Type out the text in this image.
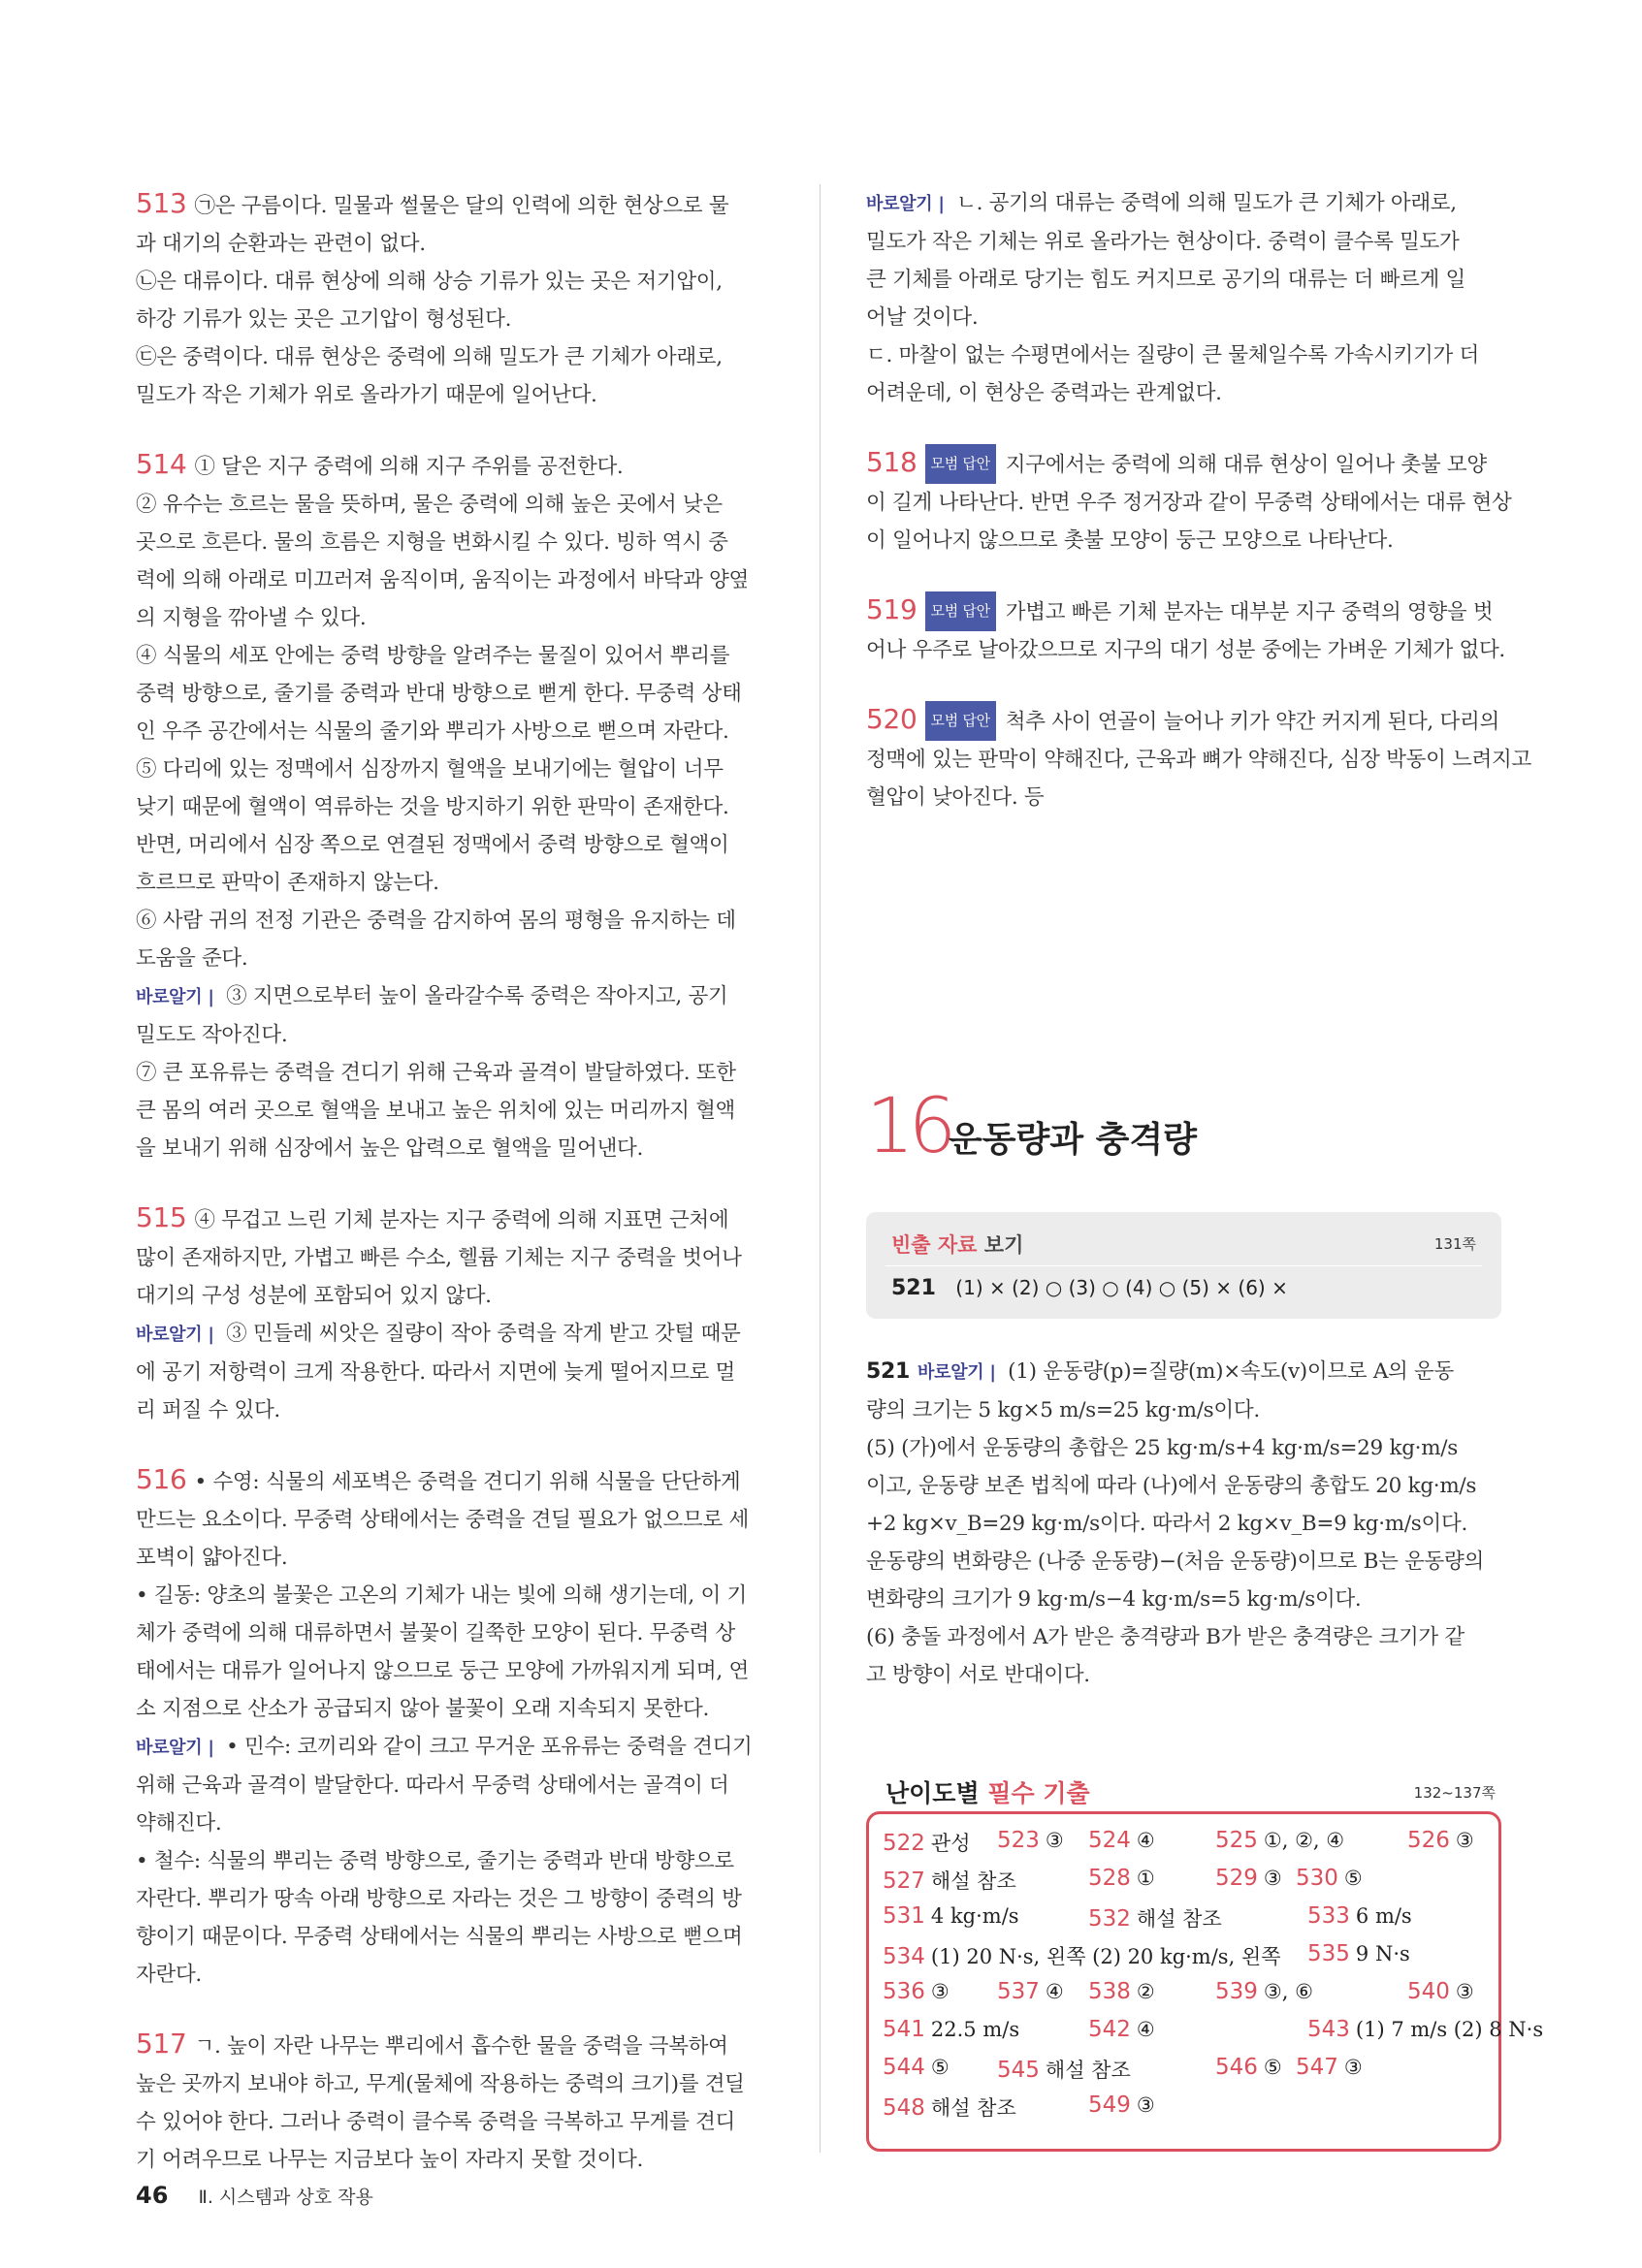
513 ㉠은 구름이다. 밀물과 썰물은 달의 인력에 의한 현상으로 물
과 대기의 순환과는 관련이 없다.
㉡은 대류이다. 대류 현상에 의해 상승 기류가 있는 곳은 저기압이,
하강 기류가 있는 곳은 고기압이 형성된다.
㉢은 중력이다. 대류 현상은 중력에 의해 밀도가 큰 기체가 아래로,
밀도가 작은 기체가 위로 올라가기 때문에 일어난다.
514 ① 달은 지구 중력에 의해 지구 주위를 공전한다.
② 유수는 흐르는 물을 뜻하며, 물은 중력에 의해 높은 곳에서 낮은
곳으로 흐른다. 물의 흐름은 지형을 변화시킬 수 있다. 빙하 역시 중
력에 의해 아래로 미끄러져 움직이며, 움직이는 과정에서 바닥과 양옆
의 지형을 깎아낼 수 있다.
④ 식물의 세포 안에는 중력 방향을 알려주는 물질이 있어서 뿌리를
중력 방향으로, 줄기를 중력과 반대 방향으로 뻗게 한다. 무중력 상태
인 우주 공간에서는 식물의 줄기와 뿌리가 사방으로 뻗으며 자란다.
⑤ 다리에 있는 정맥에서 심장까지 혈액을 보내기에는 혈압이 너무
낮기 때문에 혈액이 역류하는 것을 방지하기 위한 판막이 존재한다.
반면, 머리에서 심장 쪽으로 연결된 정맥에서 중력 방향으로 혈액이
흐르므로 판막이 존재하지 않는다.
⑥ 사람 귀의 전정 기관은 중력을 감지하여 몸의 평형을 유지하는 데
도움을 준다.
바로알기 | ③ 지면으로부터 높이 올라갈수록 중력은 작아지고, 공기
밀도도 작아진다.
⑦ 큰 포유류는 중력을 견디기 위해 근육과 골격이 발달하였다. 또한
큰 몸의 여러 곳으로 혈액을 보내고 높은 위치에 있는 머리까지 혈액
을 보내기 위해 심장에서 높은 압력으로 혈액을 밀어낸다.
515 ④ 무겁고 느린 기체 분자는 지구 중력에 의해 지표면 근처에
많이 존재하지만, 가볍고 빠른 수소, 헬륨 기체는 지구 중력을 벗어나
대기의 구성 성분에 포함되어 있지 않다.
바로알기 | ③ 민들레 씨앗은 질량이 작아 중력을 작게 받고 갓털 때문
에 공기 저항력이 크게 작용한다. 따라서 지면에 늦게 떨어지므로 멀
리 퍼질 수 있다.
516 • 수영: 식물의 세포벽은 중력을 견디기 위해 식물을 단단하게
만드는 요소이다. 무중력 상태에서는 중력을 견딜 필요가 없으므로 세
포벽이 얇아진다.
• 길동: 양초의 불꽃은 고온의 기체가 내는 빛에 의해 생기는데, 이 기
체가 중력에 의해 대류하면서 불꽃이 길쭉한 모양이 된다. 무중력 상
태에서는 대류가 일어나지 않으므로 둥근 모양에 가까워지게 되며, 연
소 지점으로 산소가 공급되지 않아 불꽃이 오래 지속되지 못한다.
바로알기 | • 민수: 코끼리와 같이 크고 무거운 포유류는 중력을 견디기
위해 근육과 골격이 발달한다. 따라서 무중력 상태에서는 골격이 더
약해진다.
• 철수: 식물의 뿌리는 중력 방향으로, 줄기는 중력과 반대 방향으로
자란다. 뿌리가 땅속 아래 방향으로 자라는 것은 그 방향이 중력의 방
향이기 때문이다. 무중력 상태에서는 식물의 뿌리는 사방으로 뻗으며
자란다.
517 ㄱ. 높이 자란 나무는 뿌리에서 흡수한 물을 중력을 극복하여
높은 곳까지 보내야 하고, 무게(물체에 작용하는 중력의 크기)를 견딜
수 있어야 한다. 그러나 중력이 클수록 중력을 극복하고 무게를 견디
기 어려우므로 나무는 지금보다 높이 자라지 못할 것이다.
바로알기 | ㄴ. 공기의 대류는 중력에 의해 밀도가 큰 기체가 아래로,
밀도가 작은 기체는 위로 올라가는 현상이다. 중력이 클수록 밀도가
큰 기체를 아래로 당기는 힘도 커지므로 공기의 대류는 더 빠르게 일
어날 것이다.
ㄷ. 마찰이 없는 수평면에서는 질량이 큰 물체일수록 가속시키기가 더
어려운데, 이 현상은 중력과는 관계없다.
518 모범 답안 지구에서는 중력에 의해 대류 현상이 일어나 촛불 모양
이 길게 나타난다. 반면 우주 정거장과 같이 무중력 상태에서는 대류 현상
이 일어나지 않으므로 촛불 모양이 둥근 모양으로 나타난다.
519 모범 답안 가볍고 빠른 기체 분자는 대부분 지구 중력의 영향을 벗
어나 우주로 날아갔으므로 지구의 대기 성분 중에는 가벼운 기체가 없다.
520 모범 답안 척추 사이 연골이 늘어나 키가 약간 커지게 된다, 다리의
정맥에 있는 판막이 약해진다, 근육과 뼈가 약해진다, 심장 박동이 느려지고
혈압이 낮아진다. 등
16
운동량과 충격량
빈출 자료 보기	131쪽
521 (1) × (2) ○ (3) ○ (4) ○ (5) × (6) ×
521 바로알기 | (1) 운동량(p)=질량(m)×속도(v)이므로 A의 운동
량의 크기는 5 kg×5 m/s=25 kg·m/s이다.
(5) (가)에서 운동량의 총합은 25 kg·m/s+4 kg·m/s=29 kg·m/s
이고, 운동량 보존 법칙에 따라 (나)에서 운동량의 총합도 20 kg·m/s
+2 kg×v_B=29 kg·m/s이다. 따라서 2 kg×v_B=9 kg·m/s이다.
운동량의 변화량은 (나중 운동량)−(처음 운동량)이므로 B는 운동량의
변화량의 크기가 9 kg·m/s−4 kg·m/s=5 kg·m/s이다.
(6) 충돌 과정에서 A가 받은 충격량과 B가 받은 충격량은 크기가 같
고 방향이 서로 반대이다.
난이도별 필수 기출	132~137쪽
522 관성 523 ③ 524 ④	525 ①, ②, ④	526 ③
527 해설 참조	528 ①	529 ③ 530 ⑤
531 4 kg·m/s	532 해설 참조	533 6 m/s
534 (1) 20 N·s, 왼쪽 (2) 20 kg·m/s, 왼쪽 535 9 N·s
536 ③ 537 ④ 538 ②	539 ③, ⑥	540 ③
541 22.5 m/s	542 ④	543 (1) 7 m/s (2) 8 N·s
544 ⑤ 545 해설 참조	546 ⑤ 547 ③
548 해설 참조	549 ③
46 Ⅱ. 시스템과 상호 작용
